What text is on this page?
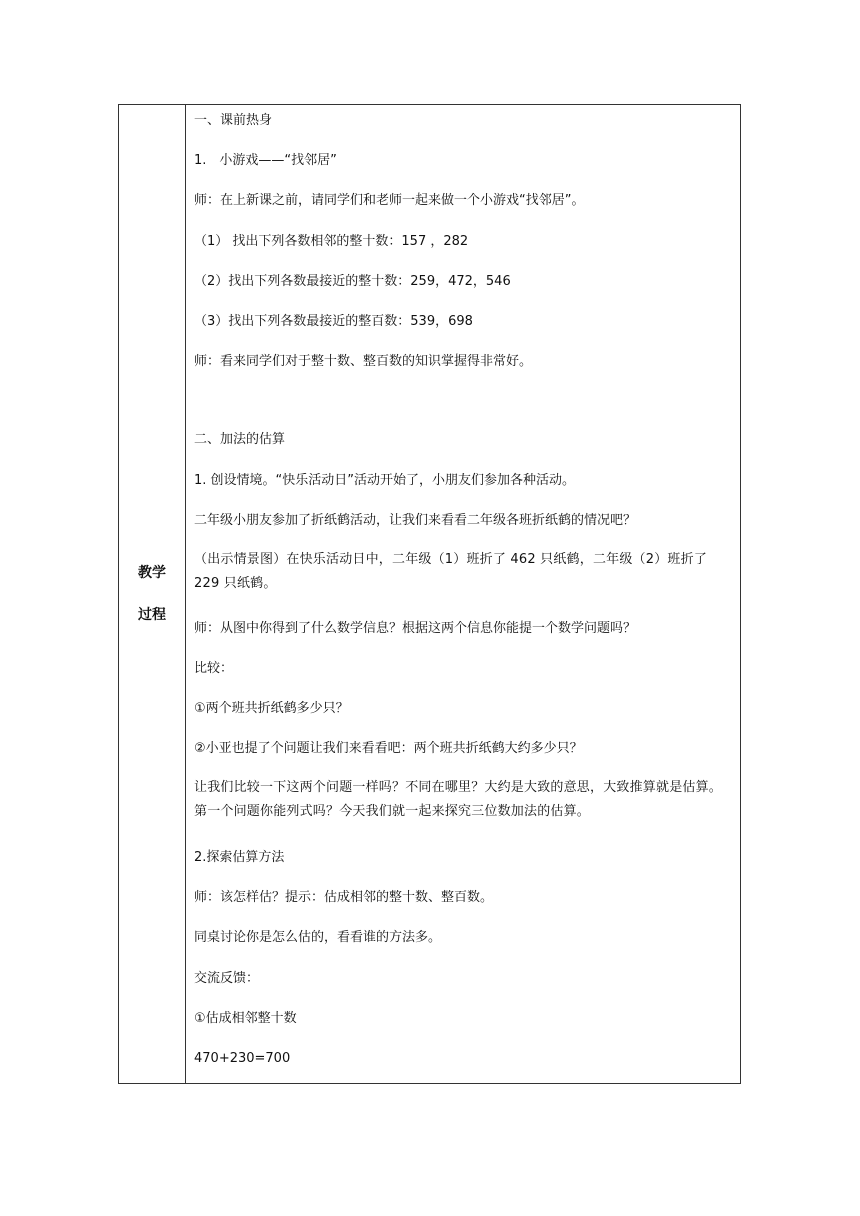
教学
过程

一、课前热身
1.　小游戏——“找邻居”
师：在上新课之前，请同学们和老师一起来做一个小游戏“找邻居”。
（1） 找出下列各数相邻的整十数：157 ，282
（2）找出下列各数最接近的整十数：259，472，546
（3）找出下列各数最接近的整百数：539，698
师：看来同学们对于整十数、整百数的知识掌握得非常好。
二、加法的估算
1. 创设情境。“快乐活动日”活动开始了，小朋友们参加各种活动。
二年级小朋友参加了折纸鹤活动，让我们来看看二年级各班折纸鹤的情况吧？
（出示情景图）在快乐活动日中，二年级（1）班折了 462 只纸鹤，二年级（2）班折了 229 只纸鹤。
师：从图中你得到了什么数学信息？根据这两个信息你能提一个数学问题吗？
比较：
①两个班共折纸鹤多少只？
②小亚也提了个问题让我们来看看吧：两个班共折纸鹤大约多少只？
让我们比较一下这两个问题一样吗？不同在哪里？大约是大致的意思，大致推算就是估算。第一个问题你能列式吗？今天我们就一起来探究三位数加法的估算。
2.探索估算方法
师：该怎样估？提示：估成相邻的整十数、整百数。
同桌讨论你是怎么估的，看看谁的方法多。
交流反馈：
①估成相邻整十数
470+230=700
